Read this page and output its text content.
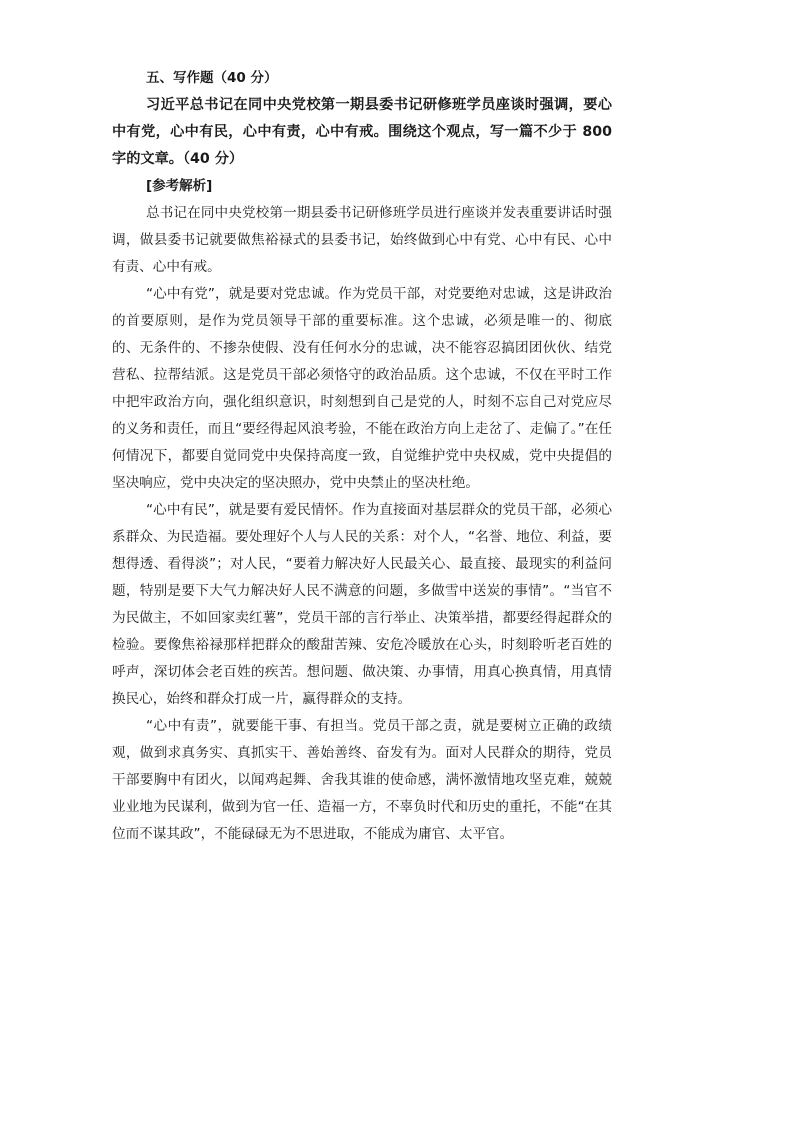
五、写作题（40 分）

习近平总书记在同中央党校第一期县委书记研修班学员座谈时强调，要心中有党，心中有民，心中有责，心中有戒。围绕这个观点，写一篇不少于 800 字的文章。（40 分）

[参考解析]

总书记在同中央党校第一期县委书记研修班学员进行座谈并发表重要讲话时强调，做县委书记就要做焦裕禄式的县委书记，始终做到心中有党、心中有民、心中有责、心中有戒。

“心中有党”，就是要对党忠诚。作为党员干部，对党要绝对忠诚，这是讲政治的首要原则，是作为党员领导干部的重要标准。这个忠诚，必须是唯一的、彻底的、无条件的、不掺杂使假、没有任何水分的忠诚，决不能容忍搞团团伙伙、结党营私、拉帮结派。这是党员干部必须恪守的政治品质。这个忠诚，不仅在平时工作中把牢政治方向，强化组织意识，时刻想到自己是党的人，时刻不忘自己对党应尽的义务和责任，而且“要经得起风浪考验，不能在政治方向上走岔了、走偏了。”在任何情况下，都要自觉同党中央保持高度一致，自觉维护党中央权威，党中央提倡的坚决响应，党中央决定的坚决照办，党中央禁止的坚决杜绝。

“心中有民”，就是要有爱民情怀。作为直接面对基层群众的党员干部，必须心系群众、为民造福。要处理好个人与人民的关系：对个人，“名誉、地位、利益，要想得透、看得淡”；对人民，“要着力解决好人民最关心、最直接、最现实的利益问题，特别是要下大气力解决好人民不满意的问题，多做雪中送炭的事情”。“当官不为民做主，不如回家卖红薯”，党员干部的言行举止、决策举措，都要经得起群众的检验。要像焦裕禄那样把群众的酸甜苦辣、安危冷暖放在心头，时刻聆听老百姓的呼声，深切体会老百姓的疾苦。想问题、做决策、办事情，用真心换真情，用真情换民心，始终和群众打成一片，赢得群众的支持。

“心中有责”，就要能干事、有担当。党员干部之责，就是要树立正确的政绩观，做到求真务实、真抓实干、善始善终、奋发有为。面对人民群众的期待，党员干部要胸中有团火，以闻鸡起舞、舍我其谁的使命感，满怀激情地攻坚克难，兢兢业业地为民谋利，做到为官一任、造福一方，不辜负时代和历史的重托，不能“在其位而不谋其政”，不能碌碌无为不思进取，不能成为庸官、太平官。
